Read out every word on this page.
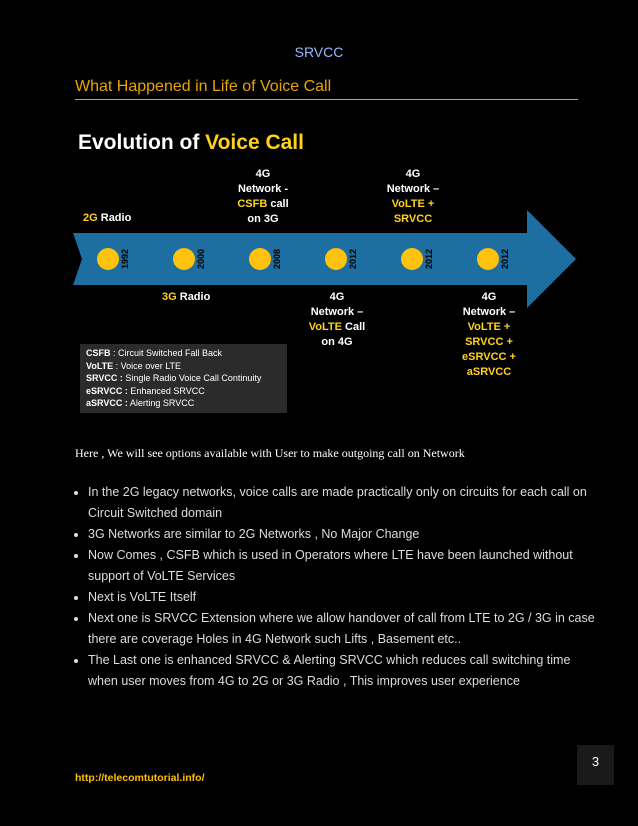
SRVCC
What Happened in Life of Voice Call
Evolution of Voice Call
1992	2000	2008	2012	2012	2012
2G Radio
4G
Network -
CSFB call
on 3G
4G
Network –
VoLTE +
SRVCC
3G Radio	4G
Network –
VoLTE Call
on 4G
4G
Network –
VoLTE +
SRVCC +
eSRVCC +
aSRVCC
CSFB : Circuit Switched Fall Back
VoLTE : Voice over LTE
SRVCC : Single Radio Voice Call Continuity
eSRVCC : Enhanced SRVCC
aSRVCC : Alerting SRVCC
Here , We will see options available with User to make outgoing call on Network
• In the 2G legacy networks, voice calls are made practically only on circuits for each call on Circuit Switched domain
• 3G Networks are similar to 2G Networks , No Major Change
• Now Comes , CSFB which is used in Operators where LTE have been launched without support of VoLTE Services
• Next is VoLTE Itself
• Next one is SRVCC Extension where we allow handover of call from LTE to 2G / 3G in case there are coverage Holes in 4G Network such Lifts , Basement etc..
• The Last one is enhanced SRVCC & Alerting SRVCC which reduces call switching time when user moves from 4G to 2G or 3G Radio , This improves user experience
3
http://telecomtutorial.info/
